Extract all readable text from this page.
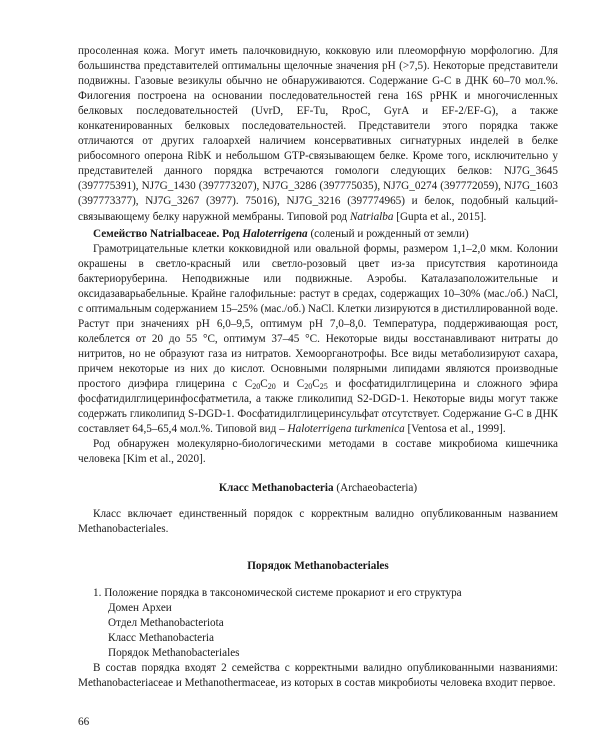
просоленная кожа. Могут иметь палочковидную, кокковую или плеоморфную морфологию. Для большинства представителей оптимальны щелочные значения pH (>7,5). Некоторые представители подвижны. Газовые везикулы обычно не обнаруживаются. Содержание G-C в ДНК 60–70 мол.%. Филогения построена на основании последовательностей гена 16S рРНК и многочисленных белковых последовательностей (UvrD, EF-Tu, RpoC, GyrA и EF-2/EF-G), а также конкатенированных белковых последовательностей. Представители этого порядка также отличаются от других галоархей наличием консервативных сигнатурных инделей в белке рибосомного оперона RibK и небольшом GTP-связывающем белке. Кроме того, исключительно у представителей данного порядка встречаются гомологи следующих белков: NJ7G_3645 (397775391), NJ7G_1430 (397773207), NJ7G_3286 (397775035), NJ7G_0274 (397772059), NJ7G_1603 (397773377), NJ7G_3267 (3977). 75016), NJ7G_3216 (397774965) и белок, подобный кальций-связывающему белку наружной мембраны. Типовой род Natrialba [Gupta et al., 2015].

Семейство Natrialbaceae. Род Haloterrigena (соленый и рожденный от земли)

Грамотрицательные клетки кокковидной или овальной формы, размером 1,1–2,0 мкм. Колонии окрашены в светло-красный или светло-розовый цвет из-за присутствия каротиноида бактериоруберина. Неподвижные или подвижные. Аэробы. Каталазаположительные и оксидазаварьабельные. Крайне галофильные: растут в средах, содержащих 10–30% (мас./об.) NaCl, с оптимальным содержанием 15–25% (мас./об.) NaCl. Клетки лизируются в дистиллированной воде. Растут при значениях pH 6,0–9,5, оптимум pH 7,0–8,0. Температура, поддерживающая рост, колеблется от 20 до 55 °C, оптимум 37–45 °C. Некоторые виды восстанавливают нитраты до нитритов, но не образуют газа из нитратов. Хемоорганотрофы. Все виды метаболизируют сахара, причем некоторые из них до кислот. Основными полярными липидами являются производные простого диэфира глицерина с $C_{20}C_{20}$ и $C_{20}C_{25}$ и фосфатидилглицерина и сложного эфира фосфатидилглицеринфосфатметила, а также гликолипид S2-DGD-1. Некоторые виды могут также содержать гликолипид S-DGD-1. Фосфатидилглицеринсульфат отсутствует. Содержание G-C в ДНК составляет 64,5–65,4 мол.%. Типовой вид – Haloterrigena turkmenica [Ventosa et al., 1999].

Род обнаружен молекулярно-биологическими методами в составе микробиома кишечника человека [Kim et al., 2020].

Класс Methanobacteria (Archaeobacteria)

Класс включает единственный порядок с корректным валидно опубликованным названием Methanobacteriales.

Порядок Methanobacteriales

1. Положение порядка в таксономической системе прокариот и его структура

Домен Археи

Отдел Methanobacteriota

Класс Methanobacteria

Порядок Methanobacteriales

В состав порядка входят 2 семейства с корректными валидно опубликованными названиями: Methanobacteriaceae и Methanothermaceae, из которых в состав микробиоты человека входит первое.

66
